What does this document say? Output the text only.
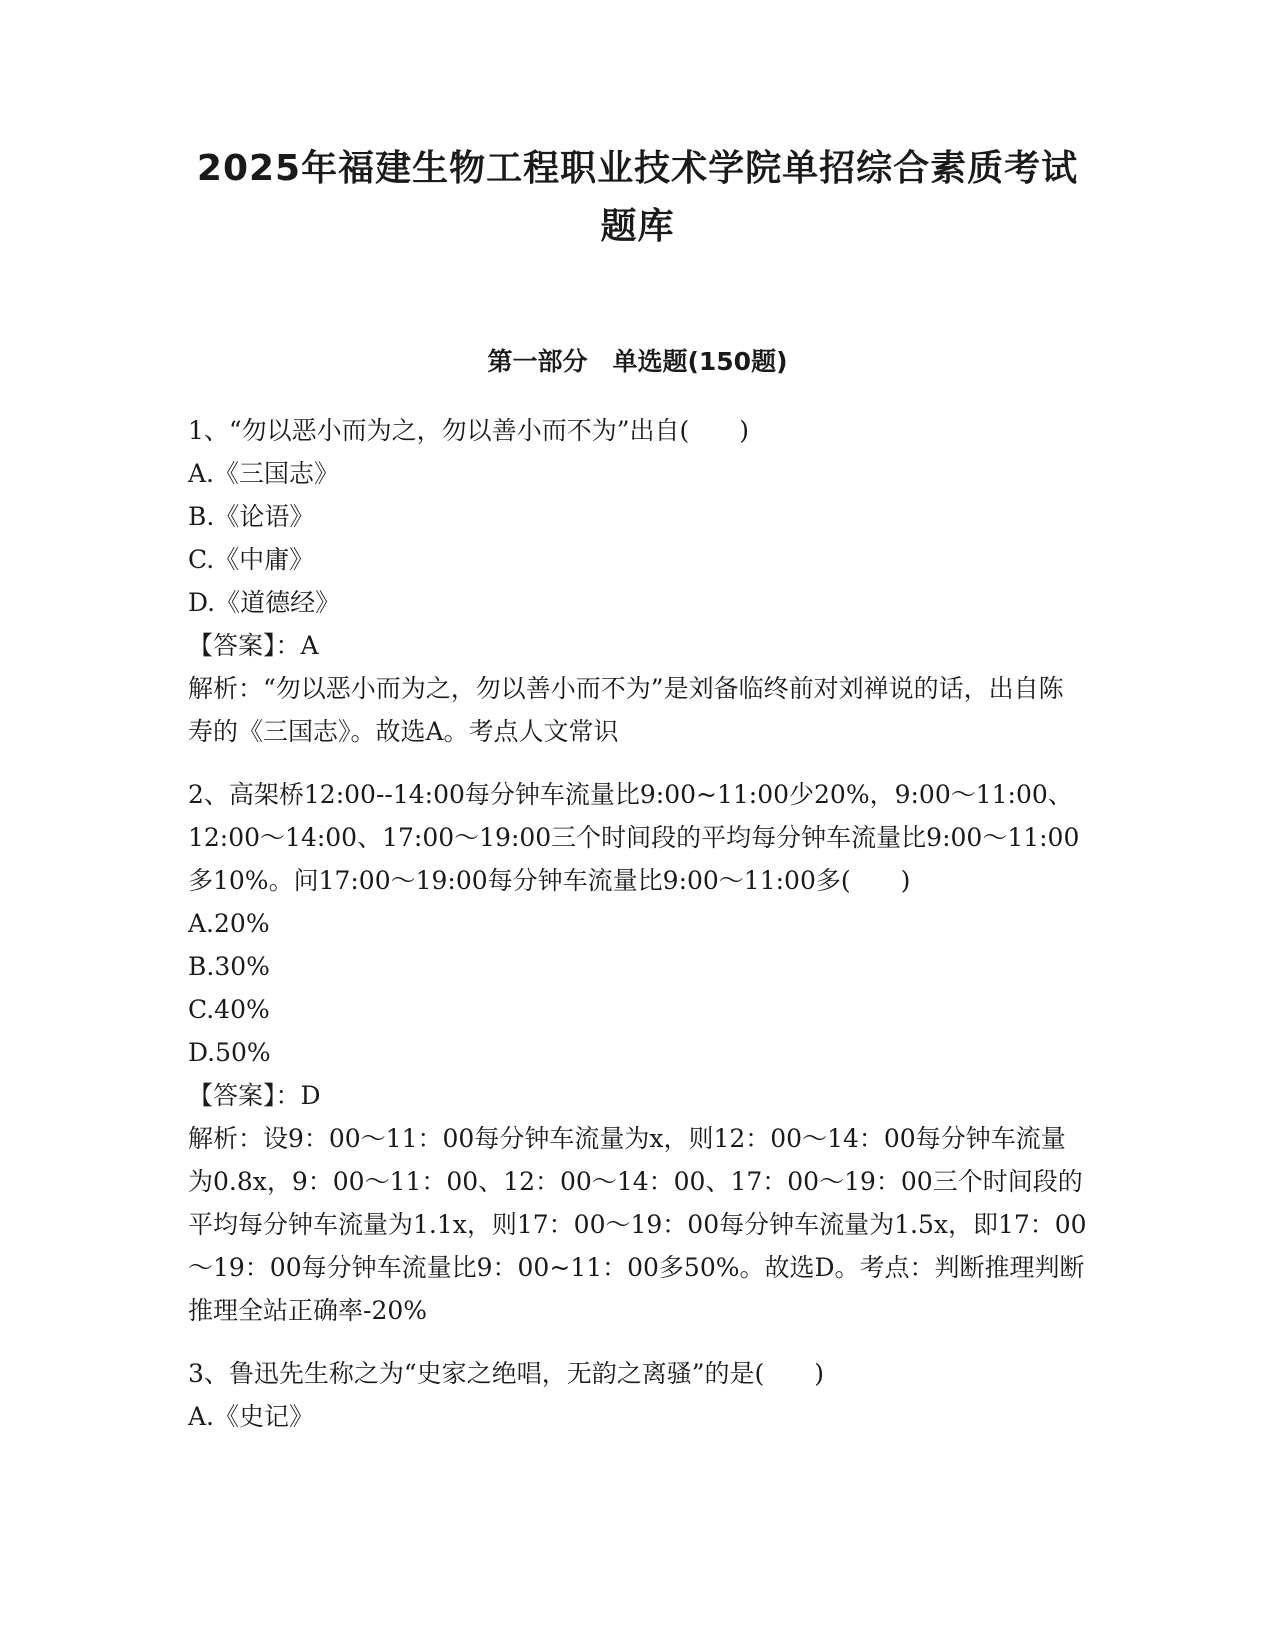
2025年福建生物工程职业技术学院单招综合素质考试
题库
第一部分　单选题(150题)
1、“勿以恶小而为之，勿以善小而不为”出自(　　)
A.《三国志》
B.《论语》
C.《中庸》
D.《道德经》
【答案】：A
解析：“勿以恶小而为之，勿以善小而不为”是刘备临终前对刘禅说的话，出自陈寿的《三国志》。故选A。考点人文常识
2、高架桥12:00--14:00每分钟车流量比9:00~11:00少20%，9:00～11:00、12:00～14:00、17:00～19:00三个时间段的平均每分钟车流量比9:00～11:00多10%。问17:00～19:00每分钟车流量比9:00～11:00多(　　)
A.20%
B.30%
C.40%
D.50%
【答案】：D
解析：设9：00～11：00每分钟车流量为x，则12：00～14：00每分钟车流量为0.8x，9：00～11：00、12：00～14：00、17：00～19：00三个时间段的平均每分钟车流量为1.1x，则17：00～19：00每分钟车流量为1.5x，即17：00～19：00每分钟车流量比9：00~11：00多50%。故选D。考点：判断推理判断推理全站正确率-20%
3、鲁迅先生称之为“史家之绝唱，无韵之离骚”的是(　　)
A.《史记》
